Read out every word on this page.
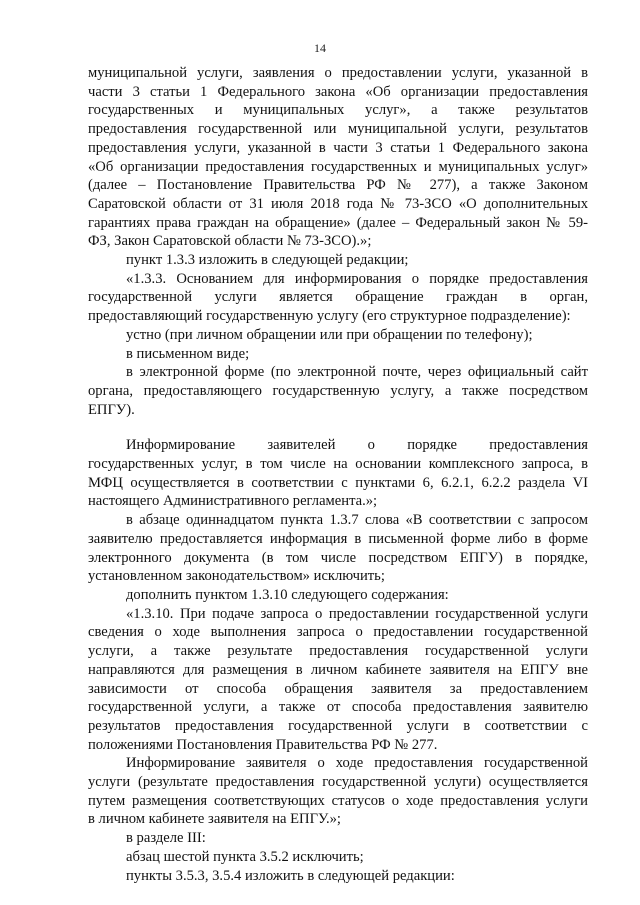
14
муниципальной услуги, заявления о предоставлении услуги, указанной в
части 3 статьи 1 Федерального закона «Об организации предоставления
государственных и муниципальных услуг», а также результатов
предоставления государственной или муниципальной услуги, результатов
предоставления услуги, указанной в части 3 статьи 1 Федерального закона
«Об организации предоставления государственных и муниципальных услуг»
(далее – Постановление Правительства РФ № 277), а также Законом
Саратовской области от 31 июля 2018 года № 73-ЗСО «О дополнительных
гарантиях права граждан на обращение» (далее – Федеральный закон № 59-
ФЗ, Закон Саратовской области № 73-ЗСО).»;
пункт 1.3.3 изложить в следующей редакции;
«1.3.3. Основанием для информирования о порядке предоставления
государственной услуги является обращение граждан в орган,
предоставляющий государственную услугу (его структурное подразделение):
устно (при личном обращении или при обращении по телефону);
в письменном виде;
в электронной форме (по электронной почте, через официальный сайт
органа, предоставляющего государственную услугу, а также посредством
ЕПГУ).
Информирование заявителей о порядке предоставления
государственных услуг, в том числе на основании комплексного запроса, в
МФЦ осуществляется в соответствии с пунктами 6, 6.2.1, 6.2.2 раздела VI
настоящего Административного регламента.»;
в абзаце одиннадцатом пункта 1.3.7 слова «В соответствии с запросом
заявителю предоставляется информация в письменной форме либо в форме
электронного документа (в том числе посредством ЕПГУ) в порядке,
установленном законодательством» исключить;
дополнить пунктом 1.3.10 следующего содержания:
«1.3.10. При подаче запроса о предоставлении государственной услуги
сведения о ходе выполнения запроса о предоставлении государственной
услуги, а также результате предоставления государственной услуги
направляются для размещения в личном кабинете заявителя на ЕПГУ вне
зависимости от способа обращения заявителя за предоставлением
государственной услуги, а также от способа предоставления заявителю
результатов предоставления государственной услуги в соответствии с
положениями Постановления Правительства РФ № 277.
Информирование заявителя о ходе предоставления государственной
услуги (результате предоставления государственной услуги) осуществляется
путем размещения соответствующих статусов о ходе предоставления услуги
в личном кабинете заявителя на ЕПГУ.»;
в разделе III:
абзац шестой пункта 3.5.2 исключить;
пункты 3.5.3, 3.5.4 изложить в следующей редакции:
